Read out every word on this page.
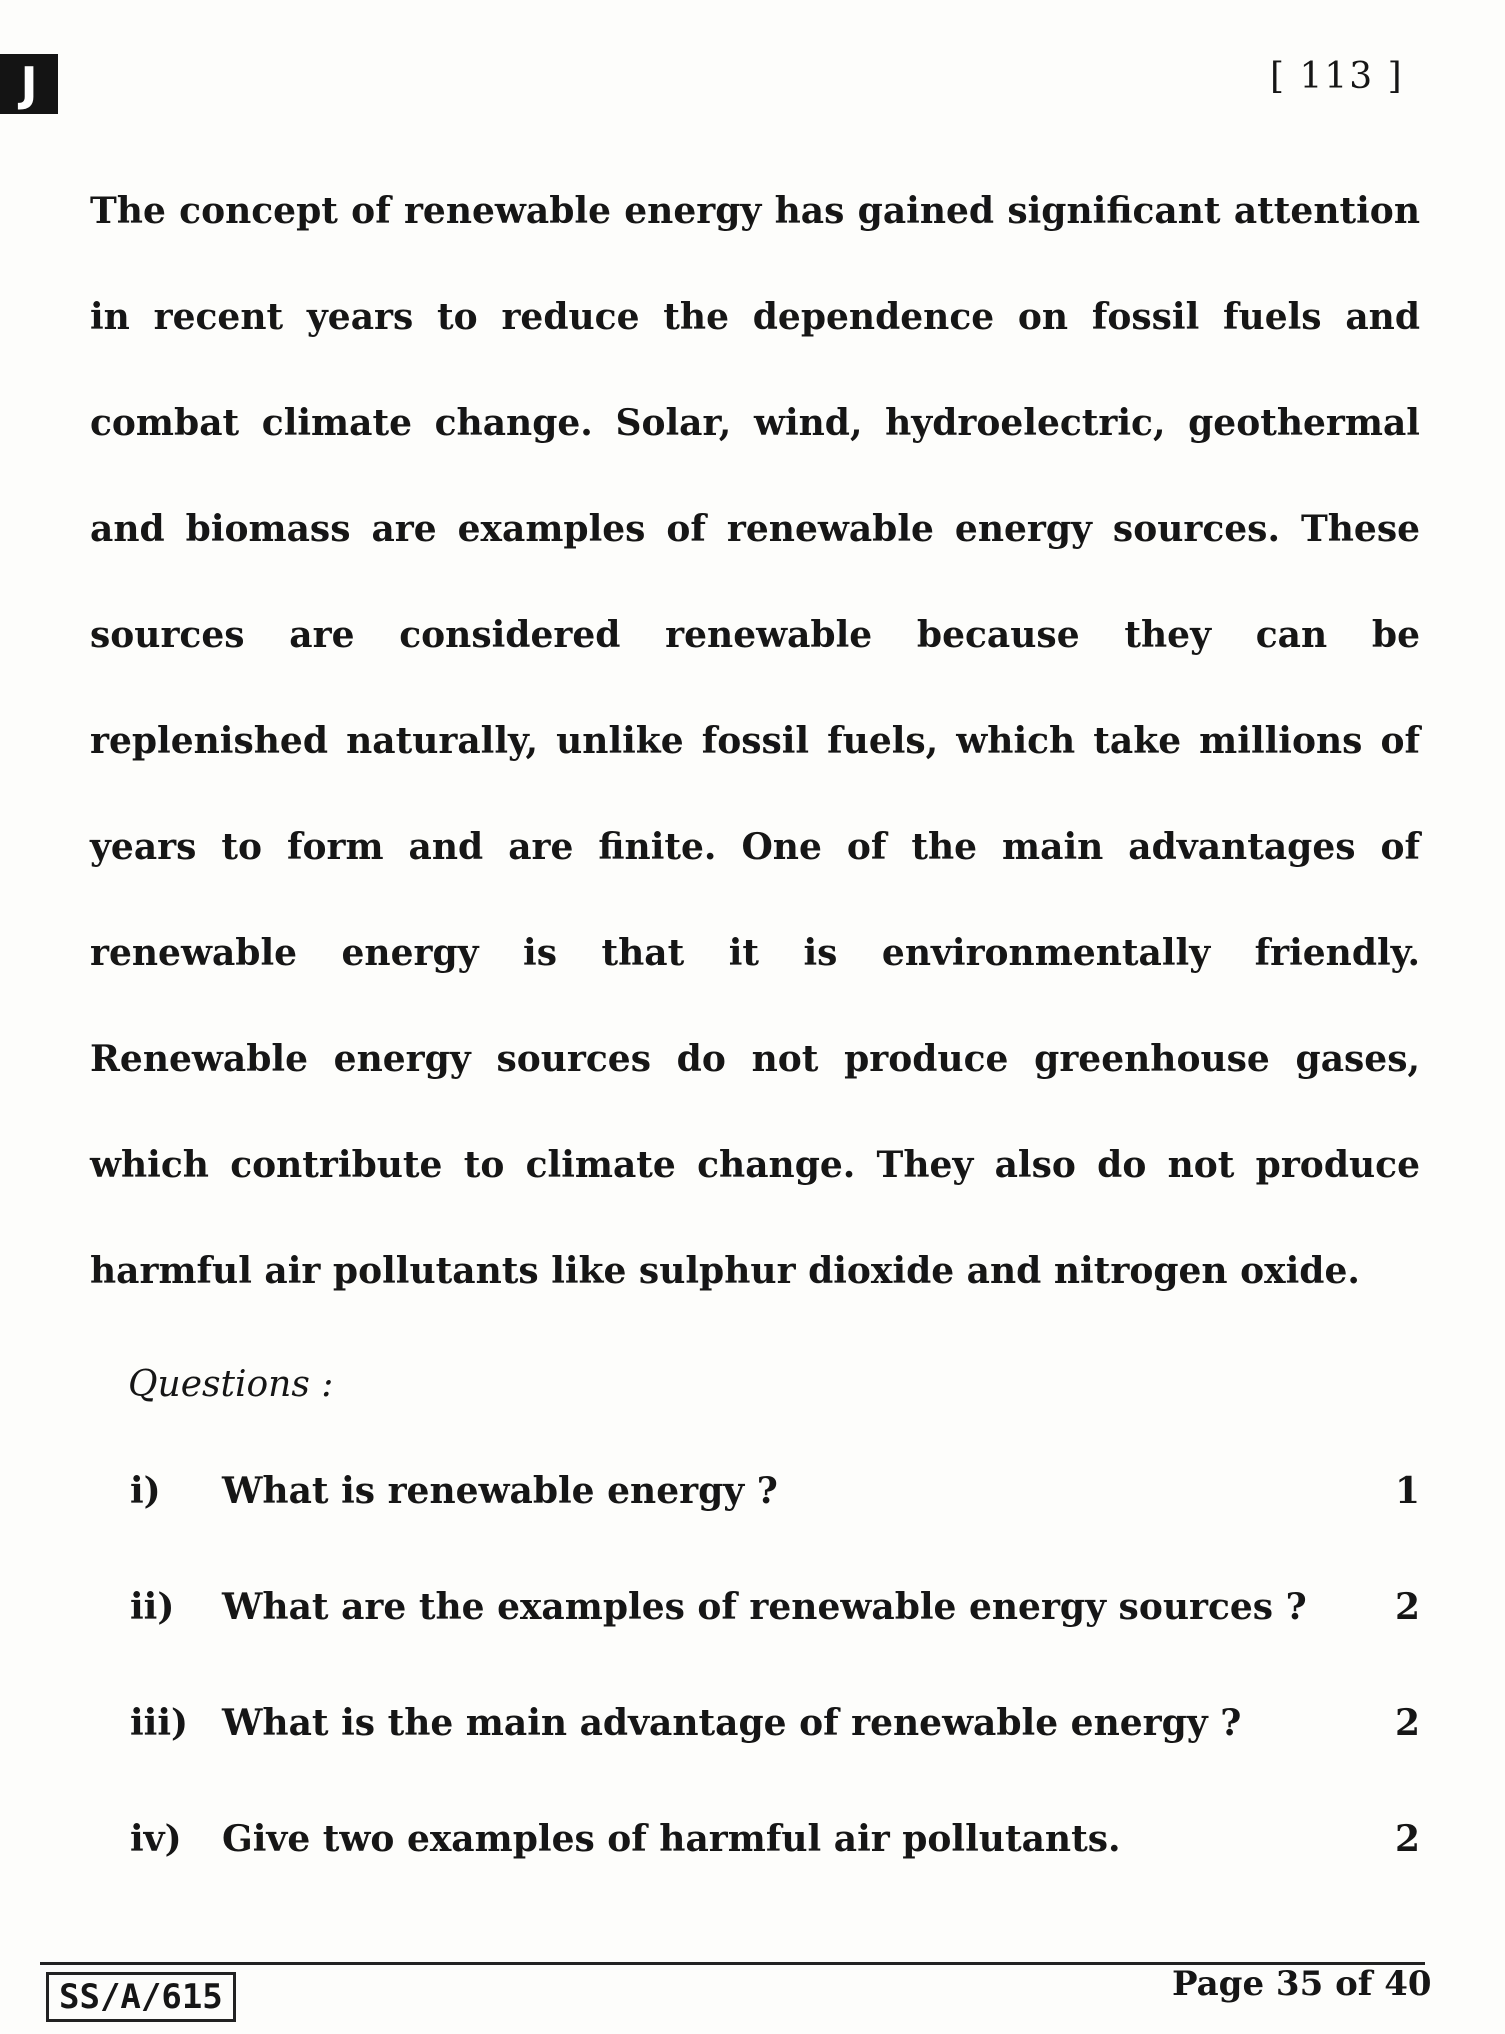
J	[ 113 ]

The concept of renewable energy has gained significant attention in recent years to reduce the dependence on fossil fuels and combat climate change. Solar, wind, hydroelectric, geothermal and biomass are examples of renewable energy sources. These sources are considered renewable because they can be replenished naturally, unlike fossil fuels, which take millions of years to form and are finite. One of the main advantages of renewable energy is that it is environmentally friendly. Renewable energy sources do not produce greenhouse gases, which contribute to climate change. They also do not produce harmful air pollutants like sulphur dioxide and nitrogen oxide.

Questions :
i) What is renewable energy ?	1
ii) What are the examples of renewable energy sources ? 2
iii) What is the main advantage of renewable energy ?	2
iv) Give two examples of harmful air pollutants.	2
SS/A/615	Page 35 of 40
